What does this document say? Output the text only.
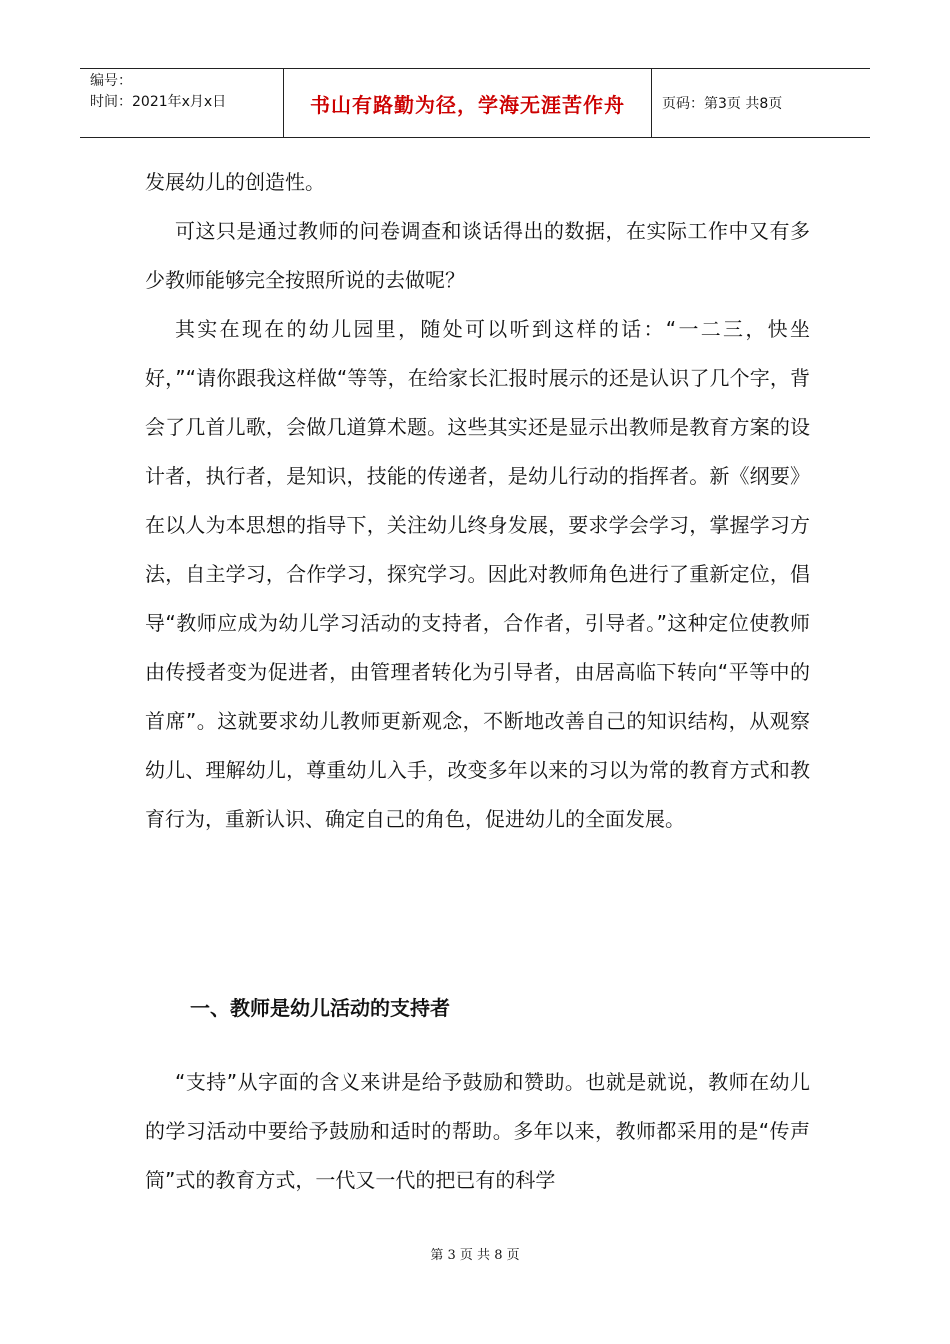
编号：
时间：2021年x月x日	书山有路勤为径，学海无涯苦作舟	页码：第3页 共8页

发展幼儿的创造性。

可这只是通过教师的问卷调查和谈话得出的数据，在实际工作中又有多少教师能够完全按照所说的去做呢？

其实在现在的幼儿园里，随处可以听到这样的话：“一二三，快坐好，”“请你跟我这样做“等等，在给家长汇报时展示的还是认识了几个字，背会了几首儿歌，会做几道算术题。这些其实还是显示出教师是教育方案的设计者，执行者，是知识，技能的传递者，是幼儿行动的指挥者。新《纲要》在以人为本思想的指导下，关注幼儿终身发展，要求学会学习，掌握学习方法，自主学习，合作学习，探究学习。因此对教师角色进行了重新定位，倡导“教师应成为幼儿学习活动的支持者，合作者，引导者。”这种定位使教师由传授者变为促进者，由管理者转化为引导者，由居高临下转向“平等中的首席”。这就要求幼儿教师更新观念，不断地改善自己的知识结构，从观察幼儿、理解幼儿，尊重幼儿入手，改变多年以来的习以为常的教育方式和教育行为，重新认识、确定自己的角色，促进幼儿的全面发展。

一、教师是幼儿活动的支持者

“支持”从字面的含义来讲是给予鼓励和赞助。也就是就说，教师在幼儿的学习活动中要给予鼓励和适时的帮助。多年以来，教师都采用的是“传声筒”式的教育方式，一代又一代的把已有的科学

第 3 页 共 8 页
